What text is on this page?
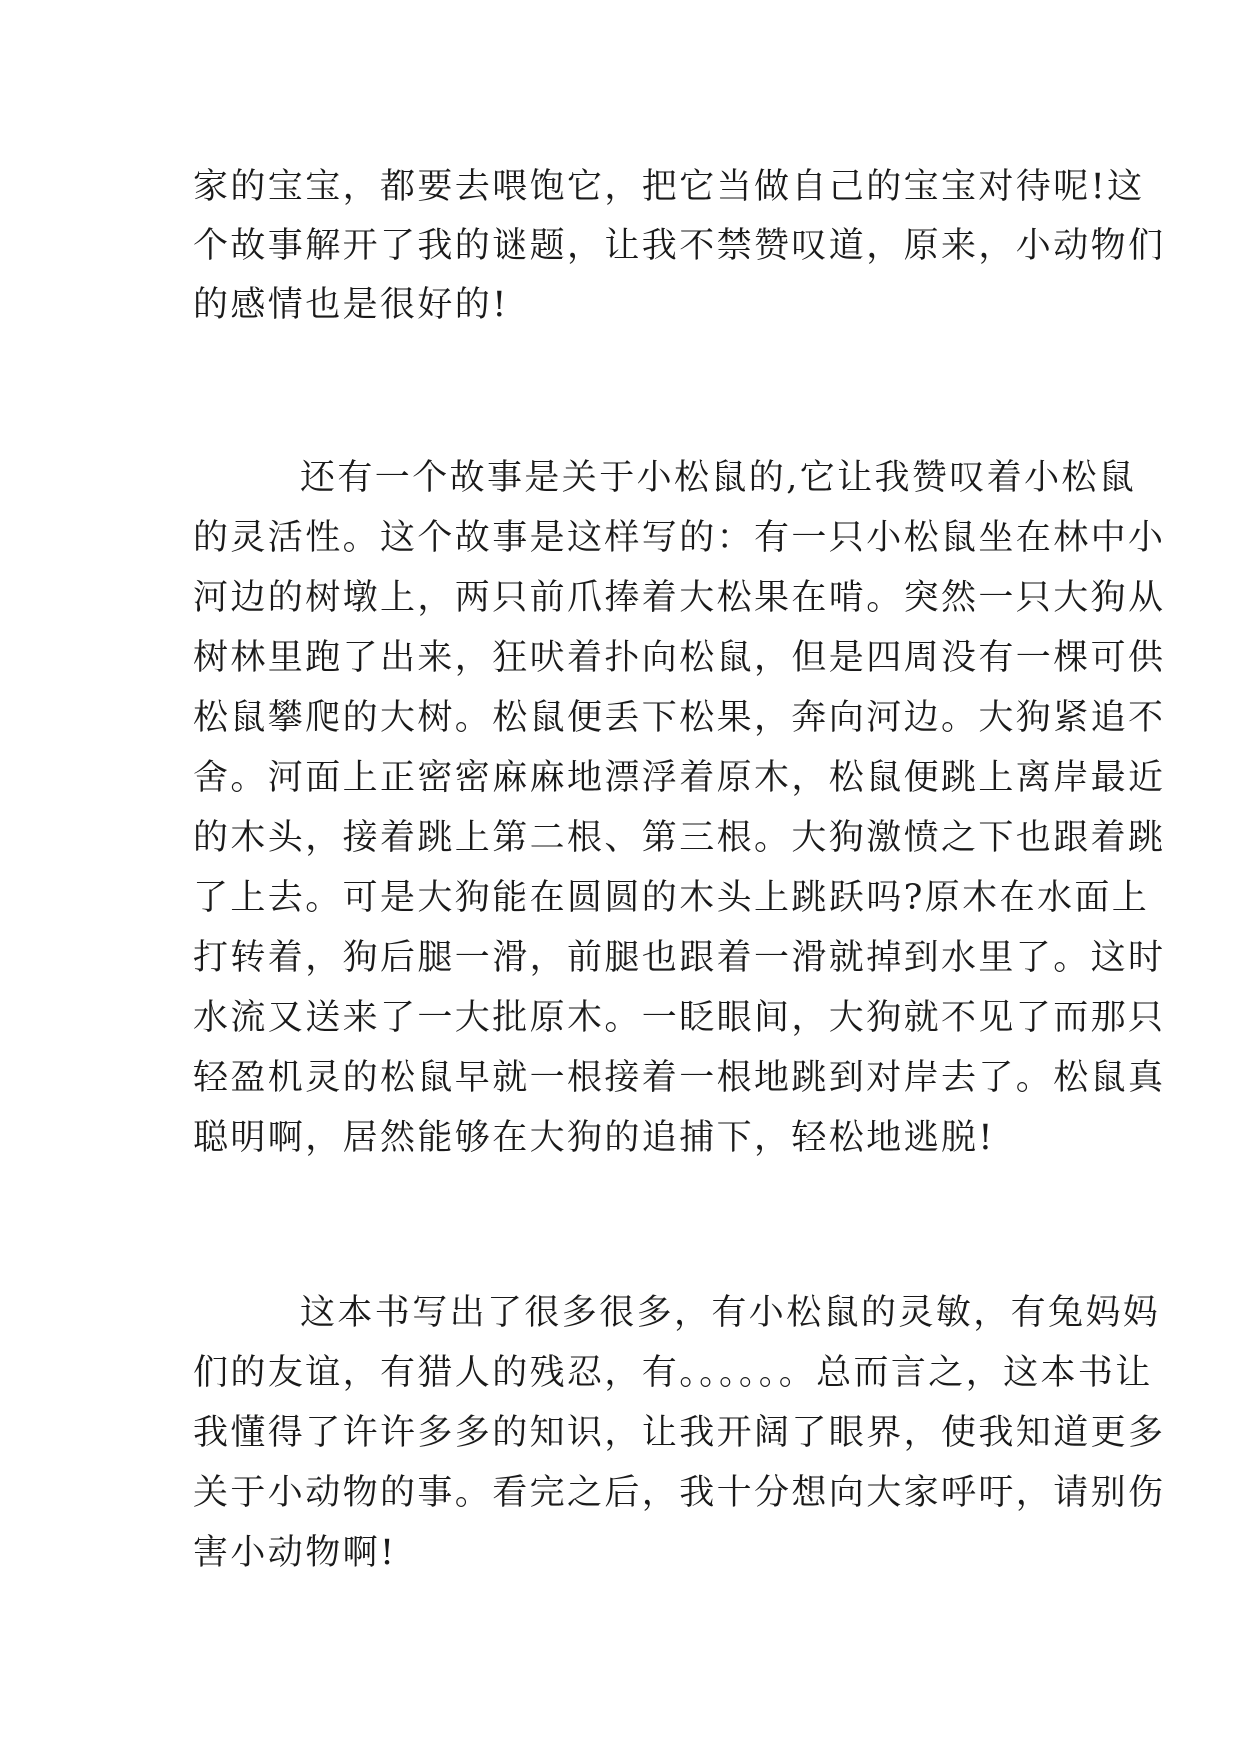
家的宝宝，都要去喂饱它，把它当做自己的宝宝对待呢!这
个故事解开了我的谜题，让我不禁赞叹道，原来，小动物们
的感情也是很好的!
还有一个故事是关于小松鼠的,它让我赞叹着小松鼠
的灵活性。这个故事是这样写的：有一只小松鼠坐在林中小
河边的树墩上，两只前爪捧着大松果在啃。突然一只大狗从
树林里跑了出来，狂吠着扑向松鼠，但是四周没有一棵可供
松鼠攀爬的大树。松鼠便丢下松果，奔向河边。大狗紧追不
舍。河面上正密密麻麻地漂浮着原木，松鼠便跳上离岸最近
的木头，接着跳上第二根、第三根。大狗激愤之下也跟着跳
了上去。可是大狗能在圆圆的木头上跳跃吗?原木在水面上
打转着，狗后腿一滑，前腿也跟着一滑就掉到水里了。这时
水流又送来了一大批原木。一眨眼间，大狗就不见了而那只
轻盈机灵的松鼠早就一根接着一根地跳到对岸去了。松鼠真
聪明啊，居然能够在大狗的追捕下，轻松地逃脱!
这本书写出了很多很多，有小松鼠的灵敏，有兔妈妈
们的友谊，有猎人的残忍，有。。。。。。总而言之，这本书让
我懂得了许许多多的知识，让我开阔了眼界，使我知道更多
关于小动物的事。看完之后，我十分想向大家呼吁，请别伤
害小动物啊!
